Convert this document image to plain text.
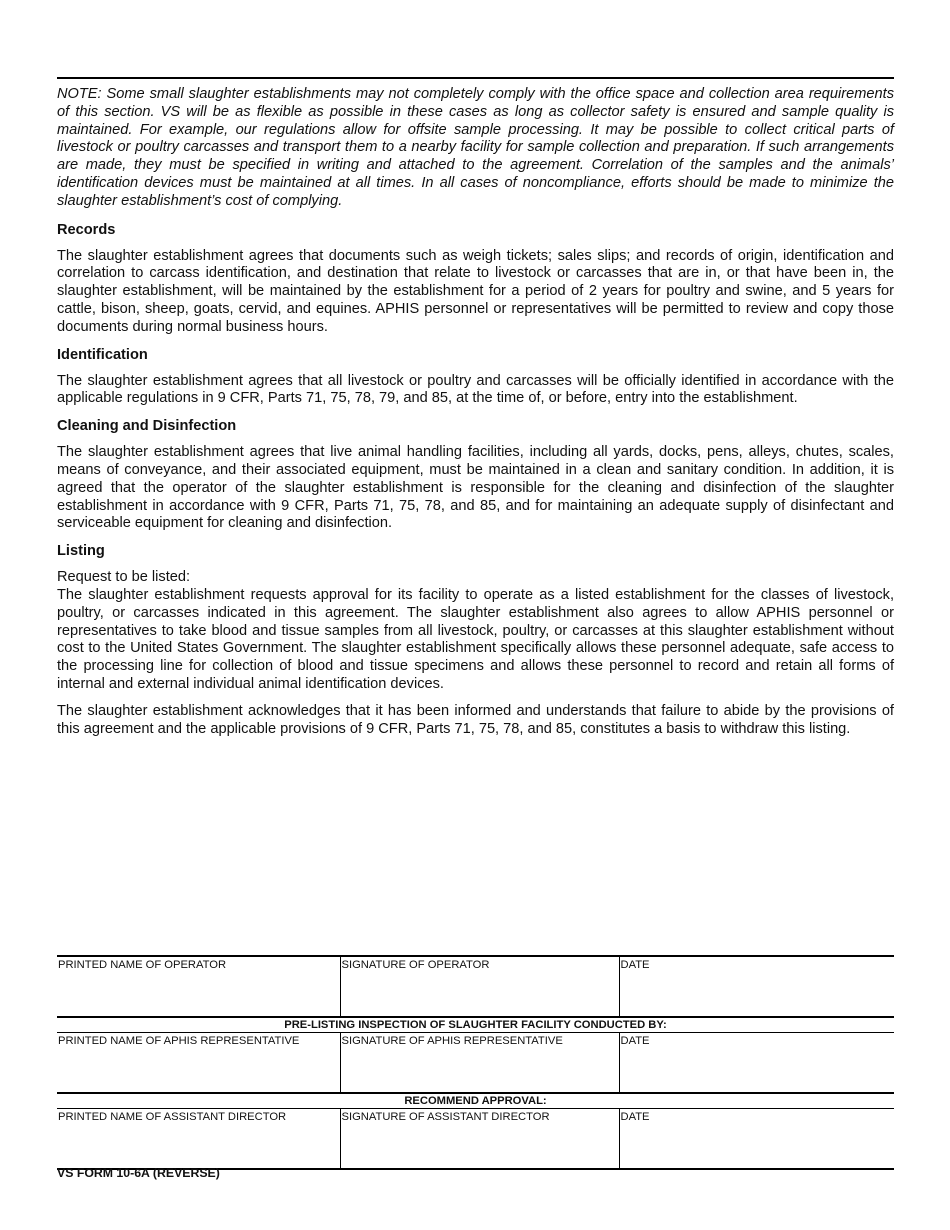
NOTE: Some small slaughter establishments may not completely comply with the office space and collection area requirements of this section. VS will be as flexible as possible in these cases as long as collector safety is ensured and sample quality is maintained. For example, our regulations allow for offsite sample processing. It may be possible to collect critical parts of livestock or poultry carcasses and transport them to a nearby facility for sample collection and preparation. If such arrangements are made, they must be specified in writing and attached to the agreement. Correlation of the samples and the animals’ identification devices must be maintained at all times. In all cases of noncompliance, efforts should be made to minimize the slaughter establishment’s cost of complying.

Records

The slaughter establishment agrees that documents such as weigh tickets; sales slips; and records of origin, identification and correlation to carcass identification, and destination that relate to livestock or carcasses that are in, or that have been in, the slaughter establishment, will be maintained by the establishment for a period of 2 years for poultry and swine, and 5 years for cattle, bison, sheep, goats, cervid, and equines. APHIS personnel or representatives will be permitted to review and copy those documents during normal business hours.

Identification

The slaughter establishment agrees that all livestock or poultry and carcasses will be officially identified in accordance with the applicable regulations in 9 CFR, Parts 71, 75, 78, 79, and 85, at the time of, or before, entry into the establishment.

Cleaning and Disinfection

The slaughter establishment agrees that live animal handling facilities, including all yards, docks, pens, alleys, chutes, scales, means of conveyance, and their associated equipment, must be maintained in a clean and sanitary condition. In addition, it is agreed that the operator of the slaughter establishment is responsible for the cleaning and disinfection of the slaughter establishment in accordance with 9 CFR, Parts 71, 75, 78, and 85, and for maintaining an adequate supply of disinfectant and serviceable equipment for cleaning and disinfection.

Listing

Request to be listed:

The slaughter establishment requests approval for its facility to operate as a listed establishment for the classes of livestock, poultry, or carcasses indicated in this agreement. The slaughter establishment also agrees to allow APHIS personnel or representatives to take blood and tissue samples from all livestock, poultry, or carcasses at this slaughter establishment without cost to the United States Government. The slaughter establishment specifically allows these personnel adequate, safe access to the processing line for collection of blood and tissue specimens and allows these personnel to record and retain all forms of internal and external individual animal identification devices.

The slaughter establishment acknowledges that it has been informed and understands that failure to abide by the provisions of this agreement and the applicable provisions of 9 CFR, Parts 71, 75, 78, and 85, constitutes a basis to withdraw this listing.

PRINTED NAME OF OPERATOR	SIGNATURE OF OPERATOR	DATE
PRE-LISTING INSPECTION OF SLAUGHTER FACILITY CONDUCTED BY:		
PRINTED NAME OF APHIS REPRESENTATIVE	SIGNATURE OF APHIS REPRESENTATIVE	DATE
RECOMMEND APPROVAL:		
PRINTED NAME OF ASSISTANT DIRECTOR	SIGNATURE OF ASSISTANT DIRECTOR	DATE
VS FORM 10-6A (REVERSE)
